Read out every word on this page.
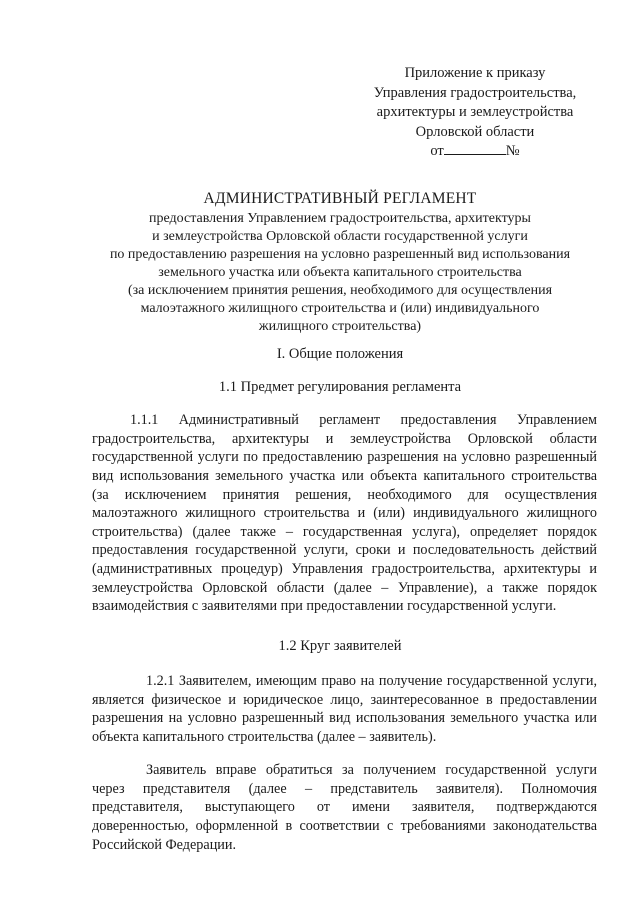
Приложение к приказу
Управления градостроительства,
архитектуры и землеустройства
Орловской области
от	№
АДМИНИСТРАТИВНЫЙ РЕГЛАМЕНТ
предоставления Управлением градостроительства, архитектуры
и землеустройства Орловской области государственной услуги
по предоставлению разрешения на условно разрешенный вид использования
земельного участка или объекта капитального строительства
(за исключением принятия решения, необходимого для осуществления
малоэтажного жилищного строительства и (или) индивидуального
жилищного строительства)
I. Общие положения
1.1 Предмет регулирования регламента

1.1.1 Административный регламент предоставления Управлением градостроительства, архитектуры и землеустройства Орловской области государственной услуги по предоставлению разрешения на условно разрешенный вид использования земельного участка или объекта капитального строительства (за исключением принятия решения, необходимого для осуществления малоэтажного жилищного строительства и (или) индивидуального жилищного строительства) (далее также – государственная услуга), определяет порядок предоставления государственной услуги, сроки и последовательность действий (административных процедур) Управления градостроительства, архитектуры и землеустройства Орловской области (далее – Управление), а также порядок взаимодействия с заявителями при предоставлении государственной услуги.

1.2 Круг заявителей

1.2.1 Заявителем, имеющим право на получение государственной услуги, является физическое и юридическое лицо, заинтересованное в предоставлении разрешения на условно разрешенный вид использования земельного участка или объекта капитального строительства (далее – заявитель).

Заявитель вправе обратиться за получением государственной услуги через представителя (далее – представитель заявителя). Полномочия представителя, выступающего от имени заявителя, подтверждаются доверенностью, оформленной в соответствии с требованиями законодательства Российской Федерации.
